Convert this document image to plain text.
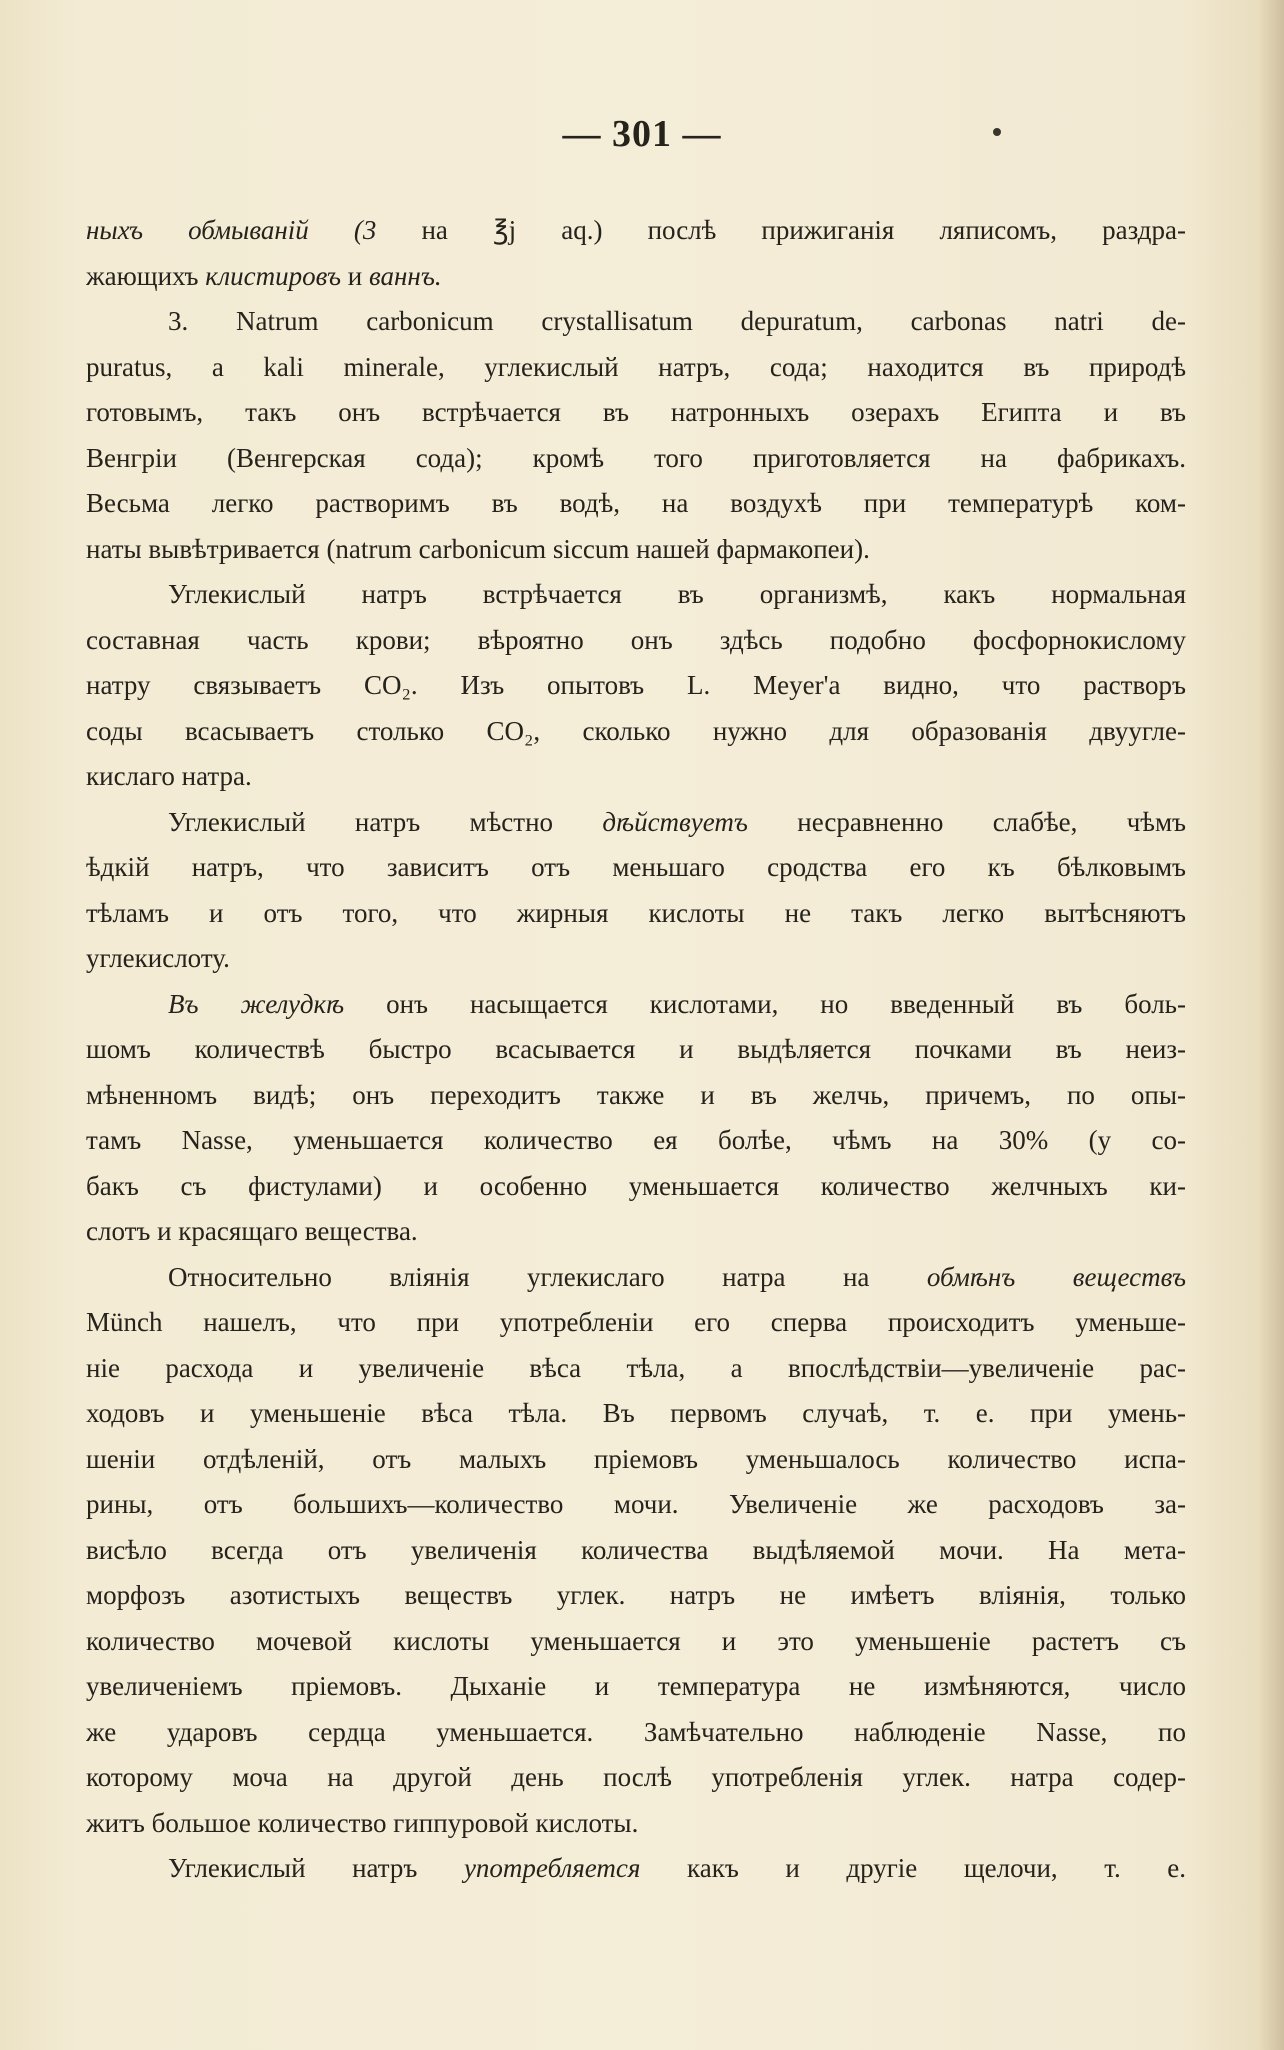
— 301 —
ныхъ обмыванiй (3 на ℥j aq.) послѣ прижиганiя ляписомъ, раздра-
жающихъ клистировъ и ваннъ.
3. Natrum carbonicum crystallisatum depuratum, carbonas natri de-
puratus, a kali minerale, углекислый натръ, сода; находится въ природѣ
готовымъ, такъ онъ встрѣчается въ натронныхъ озерахъ Египта и въ
Венгрiи (Венгерская сода); кромѣ того приготовляется на фабрикахъ.
Весьма легко растворимъ въ водѣ, на воздухѣ при температурѣ ком-
наты вывѣтривается (natrum carbonicum siccum нашей фармакопеи).
Углекислый натръ встрѣчается въ организмѣ, какъ нормальная
составная часть крови; вѣроятно онъ здѣсь подобно фосфорнокислому
натру связываетъ CO₂. Изъ опытовъ L. Meyer'a видно, что растворъ
соды всасываетъ столько CO₂, сколько нужно для образованiя двуугле-
кислаго натра.
Углекислый натръ мѣстно дѣйствуетъ несравненно слабѣе, чѣмъ
ѣдкiй натръ, что зависитъ отъ меньшаго сродства его къ бѣлковымъ
тѣламъ и отъ того, что жирныя кислоты не такъ легко вытѣсняютъ
углекислоту.
Въ желудкѣ онъ насыщается кислотами, но введенный въ боль-
шомъ количествѣ быстро всасывается и выдѣляется почками въ неиз-
мѣненномъ видѣ; онъ переходитъ также и въ желчь, причемъ, по опы-
тамъ Nasse, уменьшается количество ея болѣе, чѣмъ на 30% (у со-
бакъ съ фистулами) и особенно уменьшается количество желчныхъ ки-
слотъ и красящаго вещества.
Относительно влiянiя углекислаго натра на обмѣнъ веществъ
Münch нашелъ, что при употребленiи его сперва происходитъ уменьше-
нiе расхода и увеличенiе вѣса тѣла, а впослѣдствiи—увеличенiе рас-
ходовъ и уменьшенiе вѣса тѣла. Въ первомъ случаѣ, т. е. при умень-
шенiи отдѣленiй, отъ малыхъ прiемовъ уменьшалось количество испа-
рины, отъ большихъ—количество мочи. Увеличенiе же расходовъ за-
висѣло всегда отъ увеличенiя количества выдѣляемой мочи. На мета-
морфозъ азотистыхъ веществъ углек. натръ не имѣетъ влiянiя, только
количество мочевой кислоты уменьшается и это уменьшенiе растетъ съ
увеличенiемъ прiемовъ. Дыханiе и температура не измѣняются, число
же ударовъ сердца уменьшается. Замѣчательно наблюденiе Nasse, по
которому моча на другой день послѣ употребленiя углек. натра содер-
житъ большое количество гиппуровой кислоты.
Углекислый натръ употребляется какъ и другiе щелочи, т. е.
